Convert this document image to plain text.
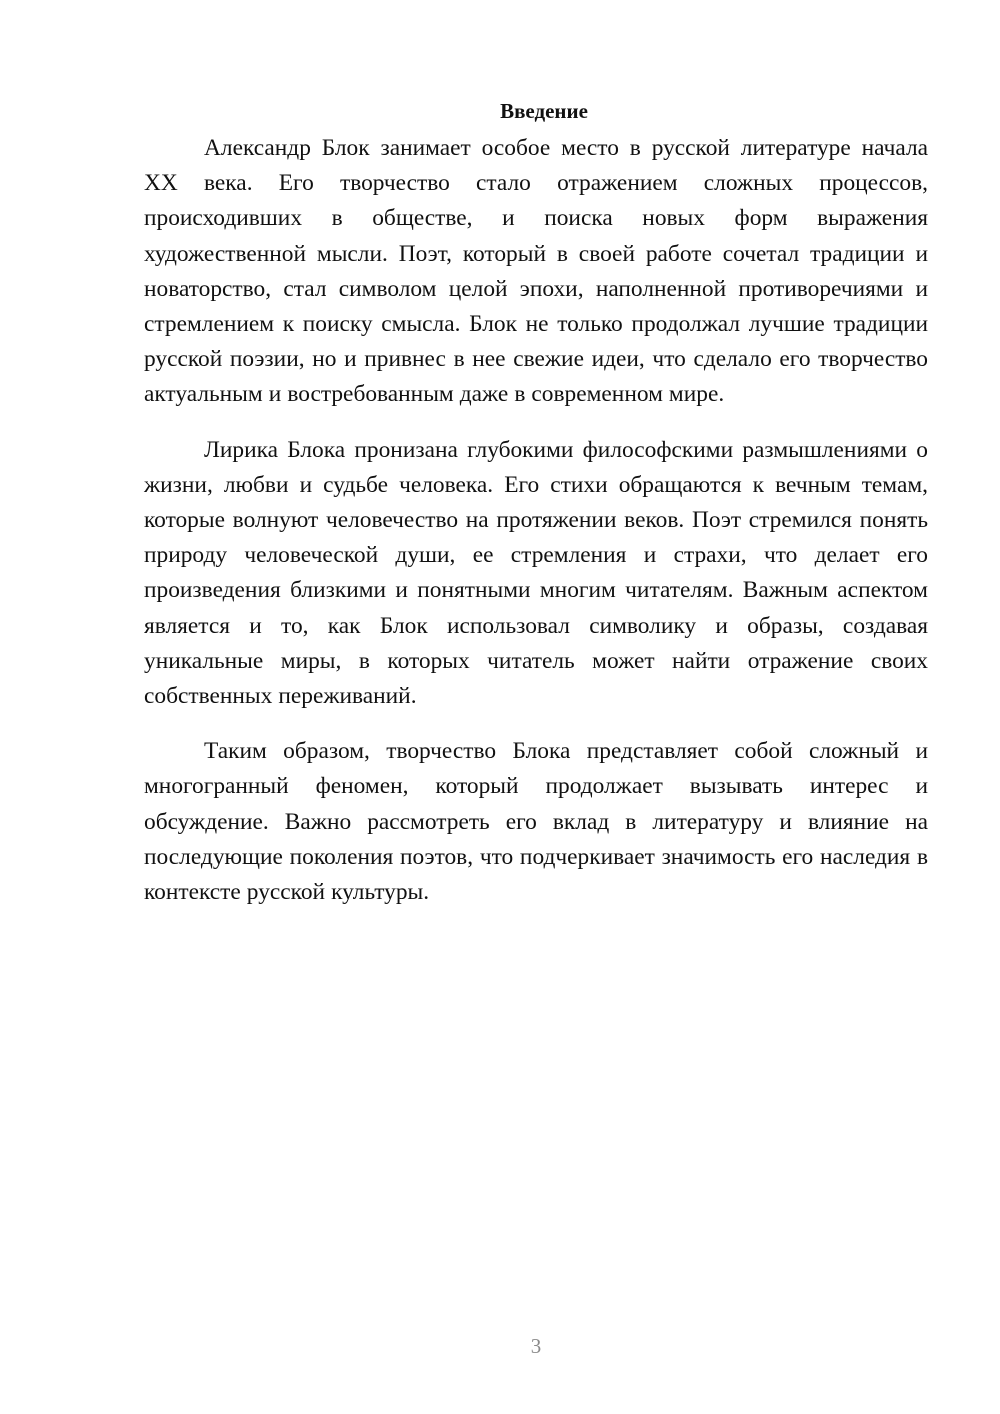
Введение

Александр Блок занимает особое место в русской литературе начала XX века. Его творчество стало отражением сложных процессов, происходивших в обществе, и поиска новых форм выражения художественной мысли. Поэт, который в своей работе сочетал традиции и новаторство, стал символом целой эпохи, наполненной противоречиями и стремлением к поиску смысла. Блок не только продолжал лучшие традиции русской поэзии, но и привнес в нее свежие идеи, что сделало его творчество актуальным и востребованным даже в современном мире.

Лирика Блока пронизана глубокими философскими размышлениями о жизни, любви и судьбе человека. Его стихи обращаются к вечным темам, которые волнуют человечество на протяжении веков. Поэт стремился понять природу человеческой души, ее стремления и страхи, что делает его произведения близкими и понятными многим читателям. Важным аспектом является и то, как Блок использовал символику и образы, создавая уникальные миры, в которых читатель может найти отражение своих собственных переживаний.

Таким образом, творчество Блока представляет собой сложный и многогранный феномен, который продолжает вызывать интерес и обсуждение. Важно рассмотреть его вклад в литературу и влияние на последующие поколения поэтов, что подчеркивает значимость его наследия в контексте русской культуры.

3
